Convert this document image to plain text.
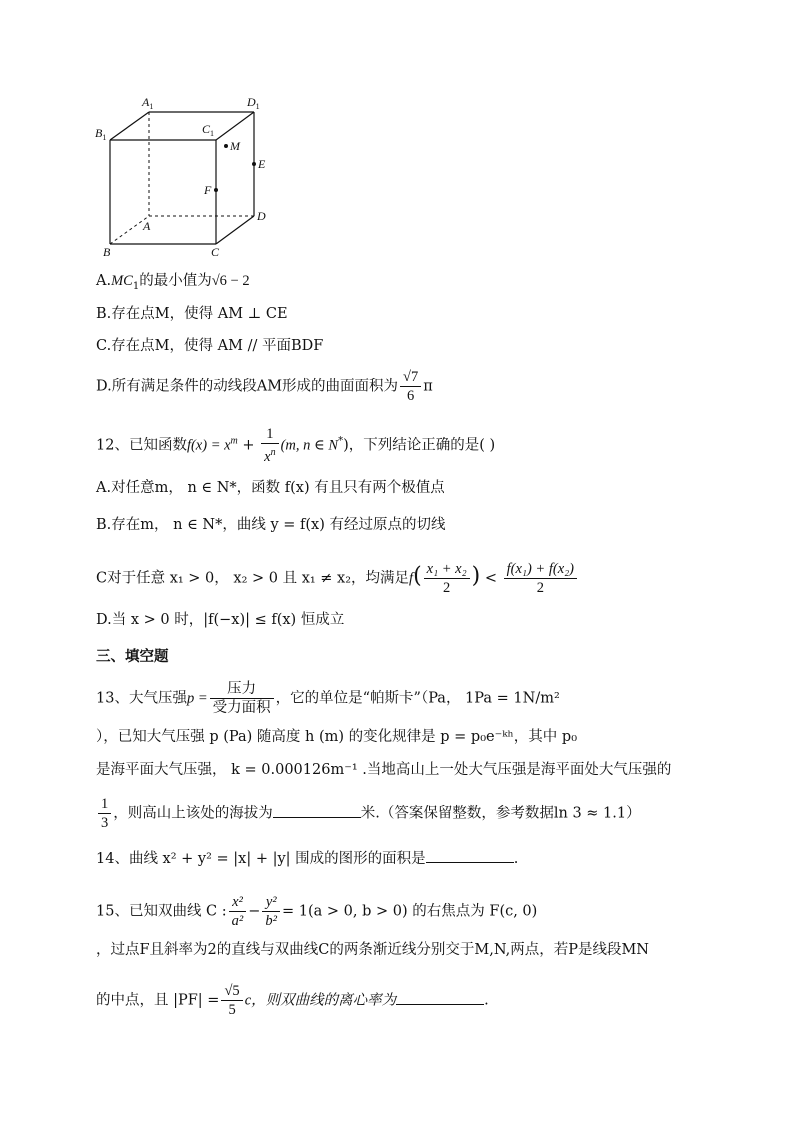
$A_1$	$D_1$
$B_1$
$C_1$
M
E
F
A
D
B	C
$A.MC_1$的最小值为√6 − 2
B.存在点M，使得 AM ⊥ CE
C.存在点M，使得 AM // 平面BDF
D.所有满足条件的动线段AM形成的曲面面积为 $\frac{√7}{6}$ π
12、已知函数$f(x) = x^m + \frac{1}{x^n} (m$, n ∈ N*)，下列结论正确的是( )
A.对任意m， n ∈ N*，函数 f(x) 有且只有两个极值点
B.存在m， n ∈ N*，曲线 y = f(x) 有经过原点的切线
C对于任意 x₁ > 0， x₂ > 0 且 x₁ ≠ x₂，均满足$f( \frac{\text{x₁ + x₂}}{2}$ ) < $\frac{\text{f(x₁) + f(x₂)}}{2}$
D.当 x > 0 时，|f(−x)| ≤ f(x) 恒成立
三、填空题
13、大气压强$p = \frac{\text{压力}}{\text{受力面积}}$ ，它的单位是“帕斯卡”（Pa， 1Pa = 1N/m²
），已知大气压强 p (Pa) 随高度 h (m) 的变化规律是 p = p₀e⁻ᵏʰ，其中 p₀
是海平面大气压强， k = 0.000126m⁻¹ .当地高山上一处大气压强是海平面处大气压强的
$\frac{1}{3}$ ，则高山上该处的海拔为	米.（答案保留整数，参考数据ln 3 ≈ 1.1）
14、曲线 x² + y² = |x| + |y| 围成的图形的面积是	.
15、已知双曲线 C : $\frac{\text{x²}}{\text{a²}} - \frac{\text{y²}}{\text{b²}} = 1(a > 0$, b > 0) 的右焦点为 F(c, 0)
，过点F且斜率为2的直线与双曲线C的两条渐近线分别交于M,N,两点，若P是线段MN
的中点，且 $|PF| = \frac{√5}{5}$ c，则双曲线的离心率为	.
